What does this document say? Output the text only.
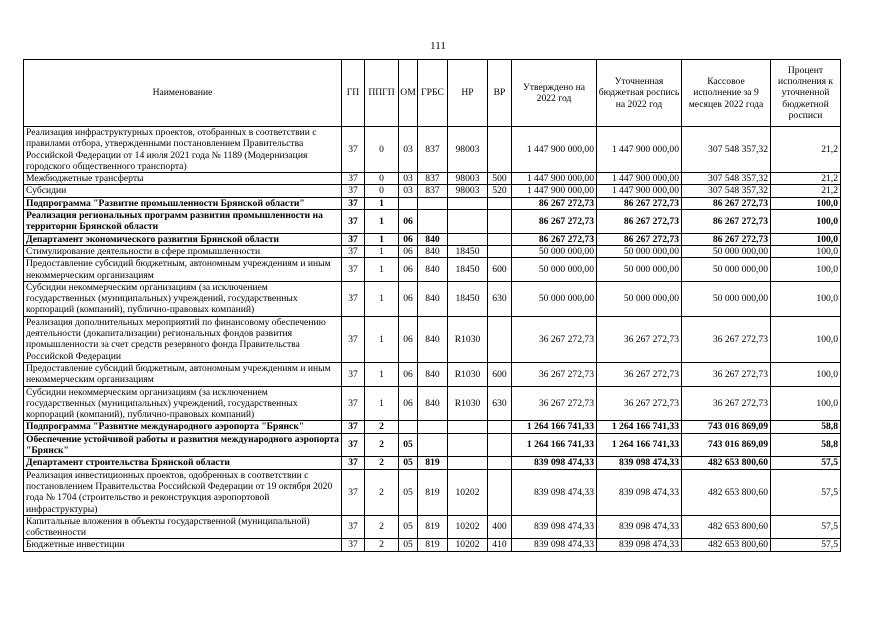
111
Наименование	ГП	ППГП	ОМ	ГРБС	НР	ВР	Утверждено на 2022 год	Уточненная бюджетная роспись на 2022 год	Кассовое исполнение за 9 месяцев 2022 года	Процент исполнения к уточненной бюджетной росписи
Реализация инфраструктурных проектов, отобранных в соответствии с правилами отбора, утвержденными постановлением Правительства Российской Федерации от 14 июля 2021 года № 1189 (Модернизация городского общественного транспорта)	37	0	03	837	98003		1 447 900 000,00	1 447 900 000,00	307 548 357,32	21,2
Межбюджетные трансферты	37	0	03	837	98003	500	1 447 900 000,00	1 447 900 000,00	307 548 357,32	21,2
Субсидии	37	0	03	837	98003	520	1 447 900 000,00	1 447 900 000,00	307 548 357,32	21,2
Подпрограмма "Развитие промышленности Брянской области"	37	1					86 267 272,73	86 267 272,73	86 267 272,73	100,0
Реализация региональных программ развития промышленности на территории Брянской области	37	1	06				86 267 272,73	86 267 272,73	86 267 272,73	100,0
Департамент экономического развития Брянской области	37	1	06	840			86 267 272,73	86 267 272,73	86 267 272,73	100,0
Стимулирование деятельности в сфере промышленности	37	1	06	840	18450		50 000 000,00	50 000 000,00	50 000 000,00	100,0
Предоставление субсидий бюджетным, автономным учреждениям и иным некоммерческим организациям	37	1	06	840	18450	600	50 000 000,00	50 000 000,00	50 000 000,00	100,0
Субсидии некоммерческим организациям (за исключением государственных (муниципальных) учреждений, государственных корпораций (компаний), публично-правовых компаний)	37	1	06	840	18450	630	50 000 000,00	50 000 000,00	50 000 000,00	100,0
Реализация дополнительных мероприятий по финансовому обеспечению деятельности (докапитализации) региональных фондов развития промышленности за счет средств резервного фонда Правительства Российской Федерации	37	1	06	840	R1030		36 267 272,73	36 267 272,73	36 267 272,73	100,0
Предоставление субсидий бюджетным, автономным учреждениям и иным некоммерческим организациям	37	1	06	840	R1030	600	36 267 272,73	36 267 272,73	36 267 272,73	100,0
Субсидии некоммерческим организациям (за исключением государственных (муниципальных) учреждений, государственных корпораций (компаний), публично-правовых компаний)	37	1	06	840	R1030	630	36 267 272,73	36 267 272,73	36 267 272,73	100,0
Подпрограмма "Развитие международного аэропорта "Брянск"	37	2					1 264 166 741,33	1 264 166 741,33	743 016 869,09	58,8
Обеспечение устойчивой работы и развития международного аэропорта "Брянск"	37	2	05				1 264 166 741,33	1 264 166 741,33	743 016 869,09	58,8
Департамент строительства Брянской области	37	2	05	819			839 098 474,33	839 098 474,33	482 653 800,60	57,5
Реализация инвестиционных проектов, одобренных в соответствии с постановлением Правительства Российской Федерации от 19 октября 2020 года № 1704 (строительство и реконструкция аэропортовой инфраструктуры)	37	2	05	819	10202		839 098 474,33	839 098 474,33	482 653 800,60	57,5
Капитальные вложения в объекты государственной (муниципальной) собственности	37	2	05	819	10202	400	839 098 474,33	839 098 474,33	482 653 800,60	57,5
Бюджетные инвестиции	37	2	05	819	10202	410	839 098 474,33	839 098 474,33	482 653 800,60	57,5
